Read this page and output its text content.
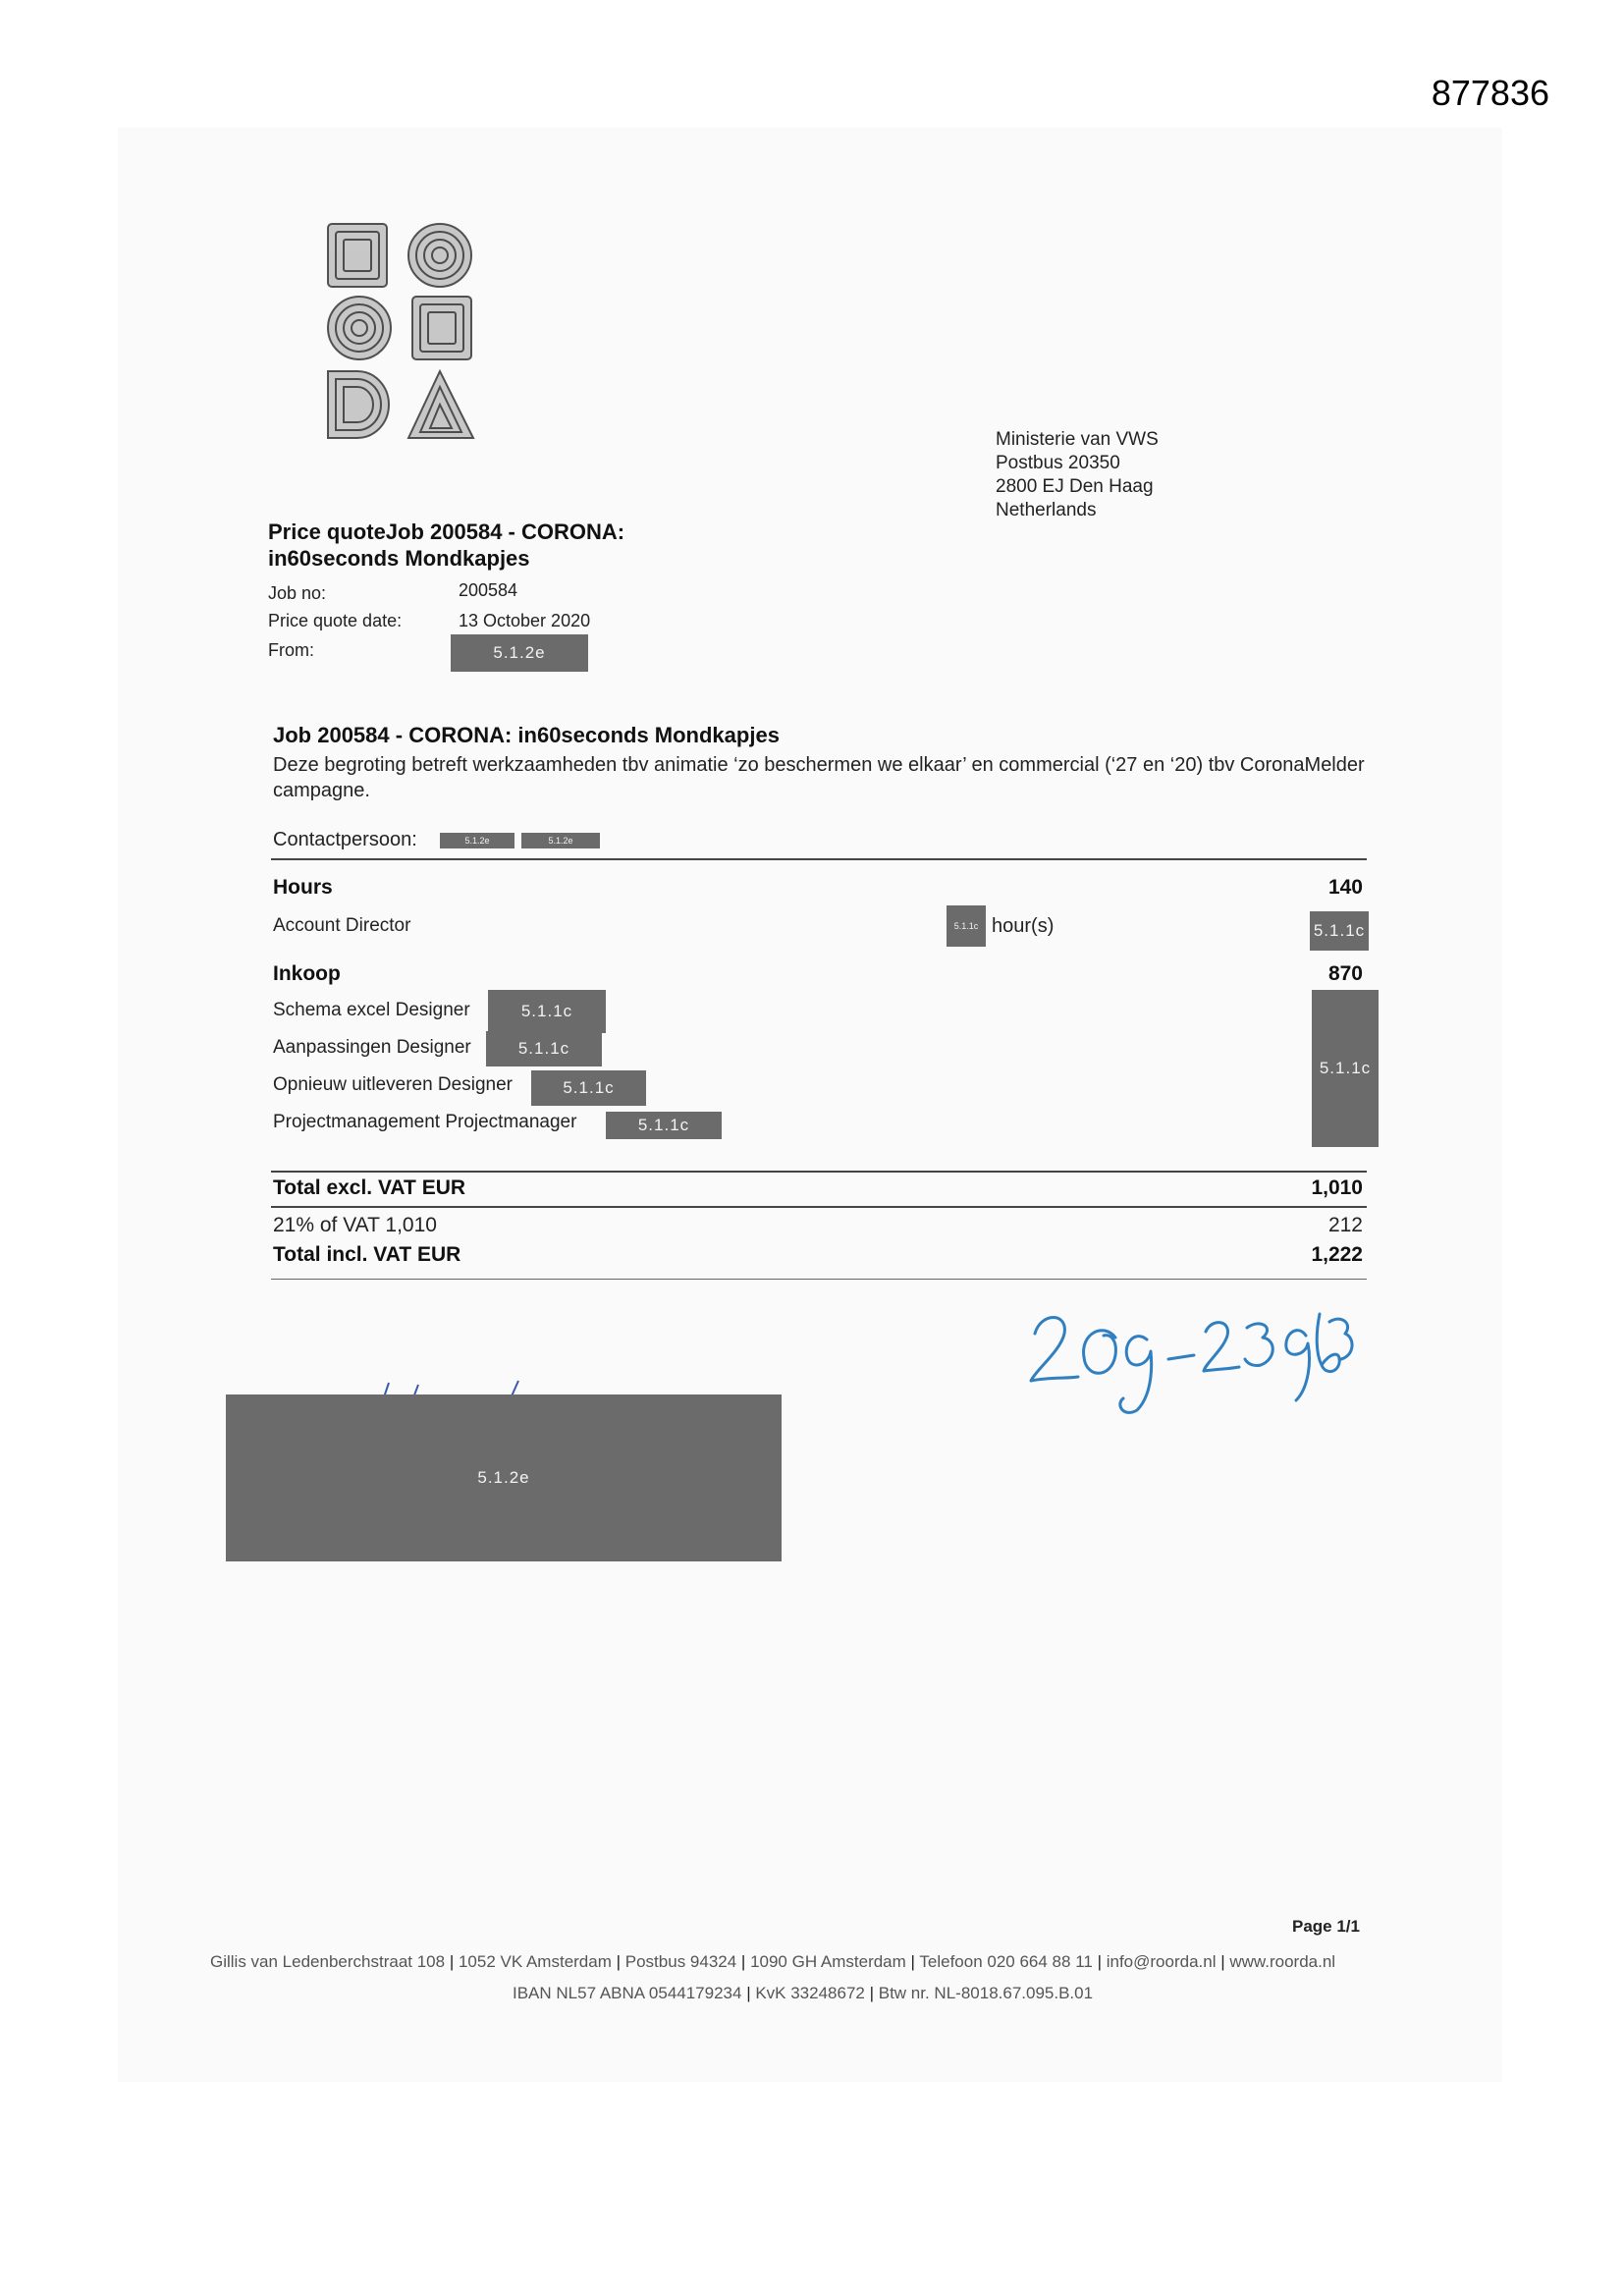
877836
Ministerie van VWS
Postbus 20350
2800 EJ Den Haag
Netherlands
Price quoteJob 200584 - CORONA:
in60seconds Mondkapjes
Job no:	200584
Price quote date:	13 October 2020
From:	5.1.2e
Job 200584 - CORONA: in60seconds Mondkapjes
Deze begroting betreft werkzaamheden tbv animatie ‘zo beschermen we elkaar’ en commercial (‘27 en ‘20) tbv CoronaMelder campagne.
Contactpersoon:	5.1.2e	5.1.2e
Hours	140
Account Director	5.1.1c hour(s)	5.1.1c
Inkoop	870
Schema excel Designer	5.1.1c
Aanpassingen Designer	5.1.1c
Opnieuw uitleveren Designer	5.1.1c
Projectmanagement Projectmanager	5.1.1c
5.1.1c
Total excl. VAT EUR	1,010
21% of VAT 1,010	212
Total incl. VAT EUR	1,222
5.1.2e
Page 1/1
Gillis van Ledenberchstraat 108 | 1052 VK Amsterdam | Postbus 94324 | 1090 GH Amsterdam | Telefoon 020 664 88 11 | info@roorda.nl | www.roorda.nl
IBAN NL57 ABNA 0544179234 | KvK 33248672 | Btw nr. NL-8018.67.095.B.01
